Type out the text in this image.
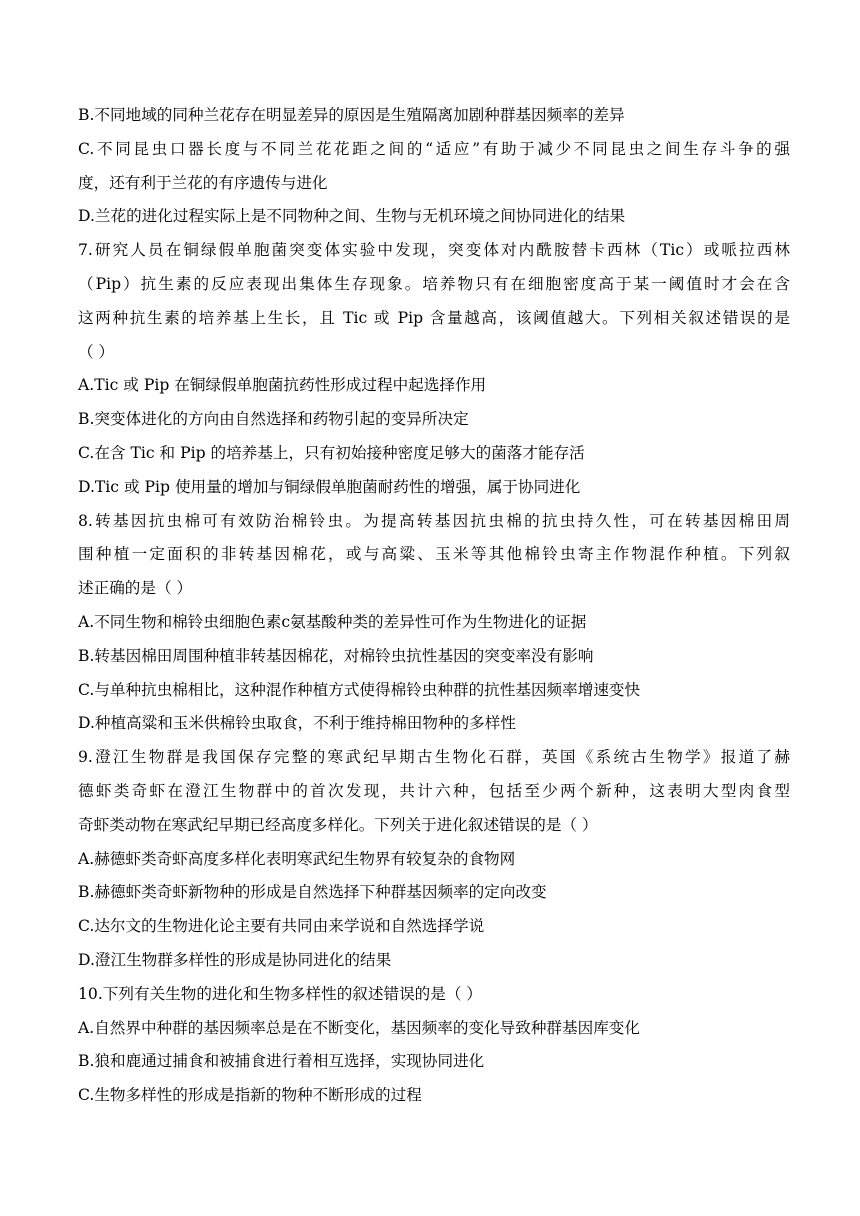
B.不同地域的同种兰花存在明显差异的原因是生殖隔离加剧种群基因频率的差异
C.不同昆虫口器长度与不同兰花花距之间的“适应”有助于减少不同昆虫之间生存斗争的强
度，还有利于兰花的有序遗传与进化
D.兰花的进化过程实际上是不同物种之间、生物与无机环境之间协同进化的结果
7.研究人员在铜绿假单胞菌突变体实验中发现，突变体对内酰胺替卡西林（Tic）或哌拉西林
（Pip）抗生素的反应表现出集体生存现象。培养物只有在细胞密度高于某一阈值时才会在含
这两种抗生素的培养基上生长，且 Tic 或 Pip 含量越高，该阈值越大。下列相关叙述错误的是
（ ）
A.Tic 或 Pip 在铜绿假单胞菌抗药性形成过程中起选择作用
B.突变体进化的方向由自然选择和药物引起的变异所决定
C.在含 Tic 和 Pip 的培养基上，只有初始接种密度足够大的菌落才能存活
D.Tic 或 Pip 使用量的增加与铜绿假单胞菌耐药性的增强，属于协同进化
8.转基因抗虫棉可有效防治棉铃虫。为提高转基因抗虫棉的抗虫持久性，可在转基因棉田周
围种植一定面积的非转基因棉花，或与高粱、玉米等其他棉铃虫寄主作物混作种植。下列叙
述正确的是（ ）
A.不同生物和棉铃虫细胞色素c氨基酸种类的差异性可作为生物进化的证据
B.转基因棉田周围种植非转基因棉花，对棉铃虫抗性基因的突变率没有影响
C.与单种抗虫棉相比，这种混作种植方式使得棉铃虫种群的抗性基因频率增速变快
D.种植高粱和玉米供棉铃虫取食，不利于维持棉田物种的多样性
9.澄江生物群是我国保存完整的寒武纪早期古生物化石群，英国《系统古生物学》报道了赫
德虾类奇虾在澄江生物群中的首次发现，共计六种，包括至少两个新种，这表明大型肉食型
奇虾类动物在寒武纪早期已经高度多样化。下列关于进化叙述错误的是（ ）
A.赫德虾类奇虾高度多样化表明寒武纪生物界有较复杂的食物网
B.赫德虾类奇虾新物种的形成是自然选择下种群基因频率的定向改变
C.达尔文的生物进化论主要有共同由来学说和自然选择学说
D.澄江生物群多样性的形成是协同进化的结果
10.下列有关生物的进化和生物多样性的叙述错误的是（ ）
A.自然界中种群的基因频率总是在不断变化，基因频率的变化导致种群基因库变化
B.狼和鹿通过捕食和被捕食进行着相互选择，实现协同进化
C.生物多样性的形成是指新的物种不断形成的过程
